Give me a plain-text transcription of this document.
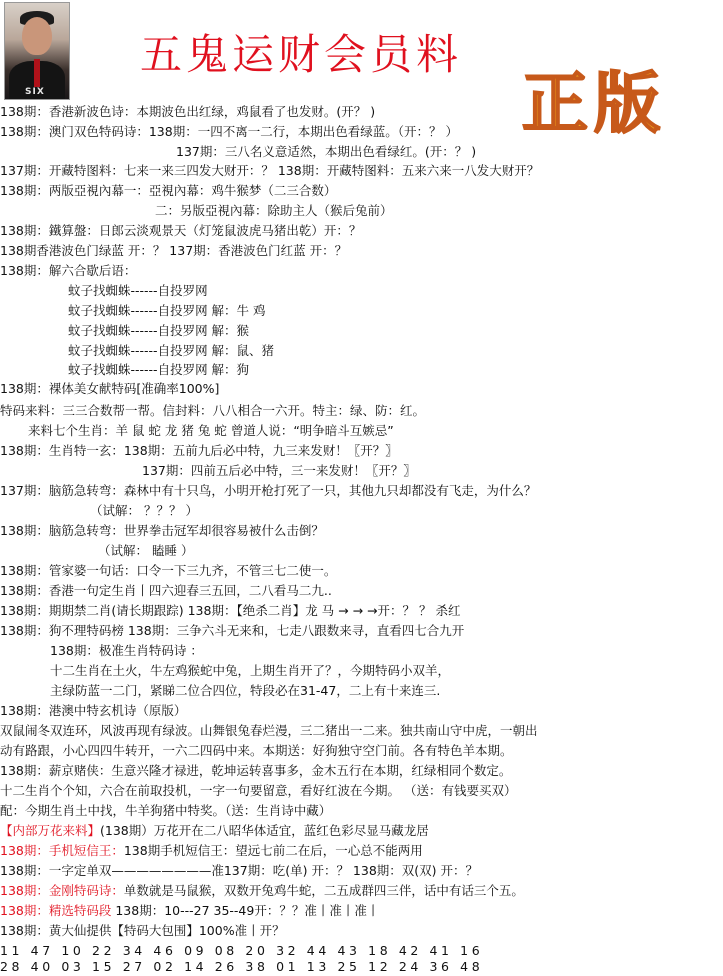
SIX
五鬼运财会员料
正版
138期：香港新波色诗：本期波色出红绿，鸡鼠看了也发财。(开？ )
138期：澳门双色特码诗：138期：一四不离一二行，本期出色看绿蓝。（开：？ ）
137期：三八名义意适然，本期出色看绿红。(开：？ )
137期：开藏特图料：七来一来三四发大财开：？ 138期：开藏特图料：五来六来一八发大财开？
138期：两版亞視內幕一：亞視內幕：鸡牛猴梦（二三合数）
二：另版亞視內幕：除助主人（猴后兔前）
138期：鐵算盤：日郎云淡观景天（灯笼鼠波虎马猪出乾）开：？
138期香港波色门绿蓝 开：？ 137期：香港波色门红蓝 开：？
138期：解六合歇后语：
蚊子找蜘蛛------自投罗网
蚊子找蜘蛛------自投罗网 解：牛 鸡
蚊子找蜘蛛------自投罗网 解：猴
蚊子找蜘蛛------自投罗网 解：鼠、猪
蚊子找蜘蛛------自投罗网 解：狗
138期：裸体美女献特码[准确率100%]
特码来料：三三合数帮一帮。信封料：八八相合一六开。特主：绿、防：红。
来料七个生肖：羊 鼠 蛇 龙 猪 兔 蛇 曾道人说：“明争暗斗互嫉忌”
138期：生肖特一玄：138期：五前九后必中特，九三来发财！〖开？〗
137期：四前五后必中特，三一来发财！〖开？〗
137期：脑筋急转弯：森林中有十只鸟，小明开枪打死了一只，其他九只却都没有飞走，为什么？
（试解： ？？？ ）
138期：脑筋急转弯：世界拳击冠军却很容易被什么击倒？
（试解： 瞌睡 ）
138期：管家婆一句话：口令一下三九齐，不管三七二使一。
138期：香港一句定生肖丨四六迎春三五回，二八看马二九..
138期：期期禁二肖(请长期跟踪) 138期：【绝杀二肖】龙 马 → → →开：？ ？ 杀红
138期：狗不理特码榜 138期：三争六斗无来和，七走八跟数来寻，直看四七合九开
138期：极准生肖特码诗 ：
十二生肖在土火，牛左鸡猴蛇中兔，上期生肖开了？，今期特码小双羊，
主绿防蓝一二门，紧睇二位合四位，特段必在31-47，二上有十来连三.
138期：港澳中特玄机诗（原版）
双鼠闹冬双连环，风波再现有绿波。山舞银兔春烂漫，三二猪出一二来。独共南山守中虎，一朝出
动有路跟，小心四四牛转开，一六二四码中来。本期送：好狗独守空门前。各有特色羊本期。
138期：薪京赌侠：生意兴隆才禄进，乾坤运转喜事多，金木五行在本期，红绿相同个数定。
十二生肖个个知，六合在前取投机，一字一句要留意，看好红波在今期。 （送：有钱要买双）
配：今期生肖土中找，牛羊狗猪中特奖。（送：生肖诗中藏）
【内部万花来料】(138期）万花开在二八昭华体适宜，蓝红色彩尽显马藏龙居
138期：手机短信王：138期手机短信王：望远七前二在后，一心总不能两用
138期：一字定单双————————准137期：吃(单) 开：？ 138期：双(双) 开：？
138期：金刚特码诗：单数就是马鼠猴，双数开兔鸡牛蛇，二五成群四三伴，话中有话三个五。
138期：精选特码段 138期：10---27 35--49开：？？准丨准丨准丨
138期：黄大仙提供【特码大包围】100%准丨开？
11 47 10 22 34 46 09 08 20 32 44 43 18 42 41 16
28 40 03 15 27 02 14 26 38 01 13 25 12 24 36 48
